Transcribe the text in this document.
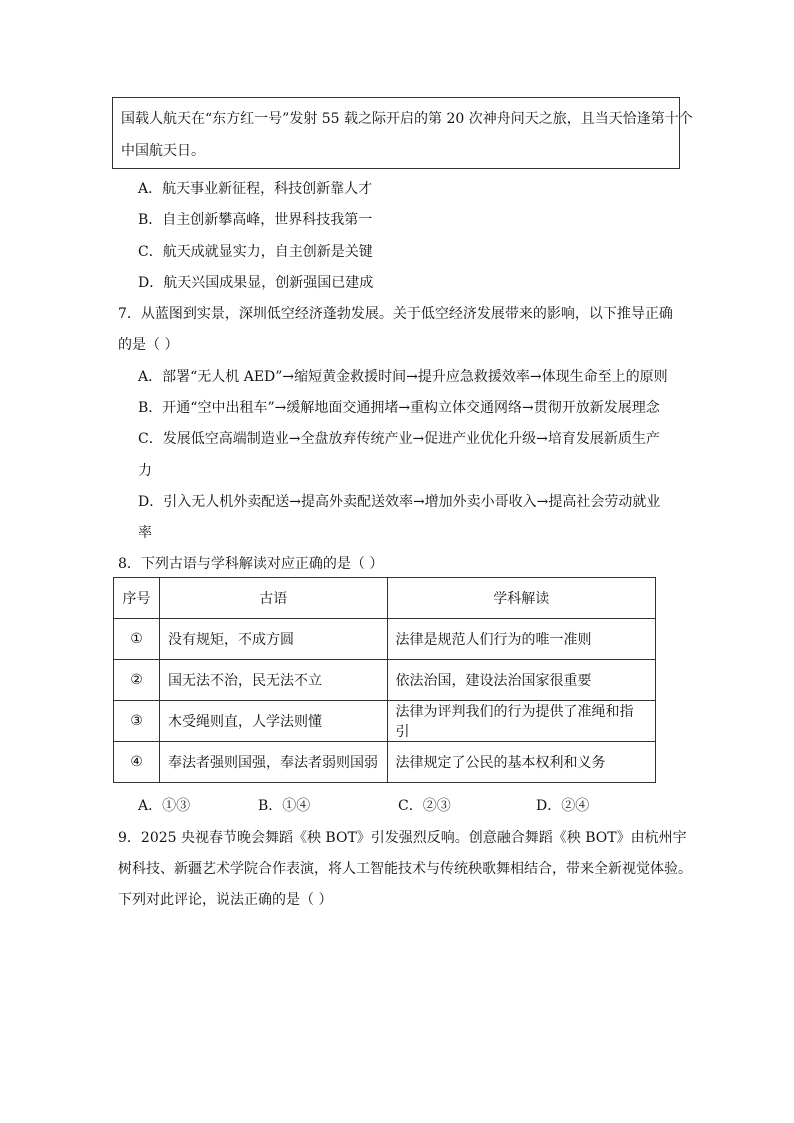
国载人航天在“东方红一号”发射 55 载之际开启的第 20 次神舟问天之旅，且当天恰逢第十个
中国航天日。
A．航天事业新征程，科技创新靠人才
B．自主创新攀高峰，世界科技我第一
C．航天成就显实力，自主创新是关键
D．航天兴国成果显，创新强国已建成
7．从蓝图到实景，深圳低空经济蓬勃发展。关于低空经济发展带来的影响，以下推导正确
的是（ ）
A．部署“无人机 AED”→缩短黄金救援时间→提升应急救援效率→体现生命至上的原则
B．开通“空中出租车”→缓解地面交通拥堵→重构立体交通网络→贯彻开放新发展理念
C．发展低空高端制造业→全盘放弃传统产业→促进产业优化升级→培育发展新质生产
力
D．引入无人机外卖配送→提高外卖配送效率→增加外卖小哥收入→提高社会劳动就业
率
8．下列古语与学科解读对应正确的是（ ）
序号	古语	学科解读
①	没有规矩，不成方圆	法律是规范人们行为的唯一准则
②	国无法不治，民无法不立	依法治国，建设法治国家很重要
③	木受绳则直，人学法则懂	法律为评判我们的行为提供了准绳和指引
④	奉法者强则国强，奉法者弱则国弱	法律规定了公民的基本权利和义务
A．①③	B．①④	C．②③	D．②④
9．2025 央视春节晚会舞蹈《秧 BOT》引发强烈反响。创意融合舞蹈《秧 BOT》由杭州宇
树科技、新疆艺术学院合作表演，将人工智能技术与传统秧歌舞相结合，带来全新视觉体验。
下列对此评论，说法正确的是（ ）
